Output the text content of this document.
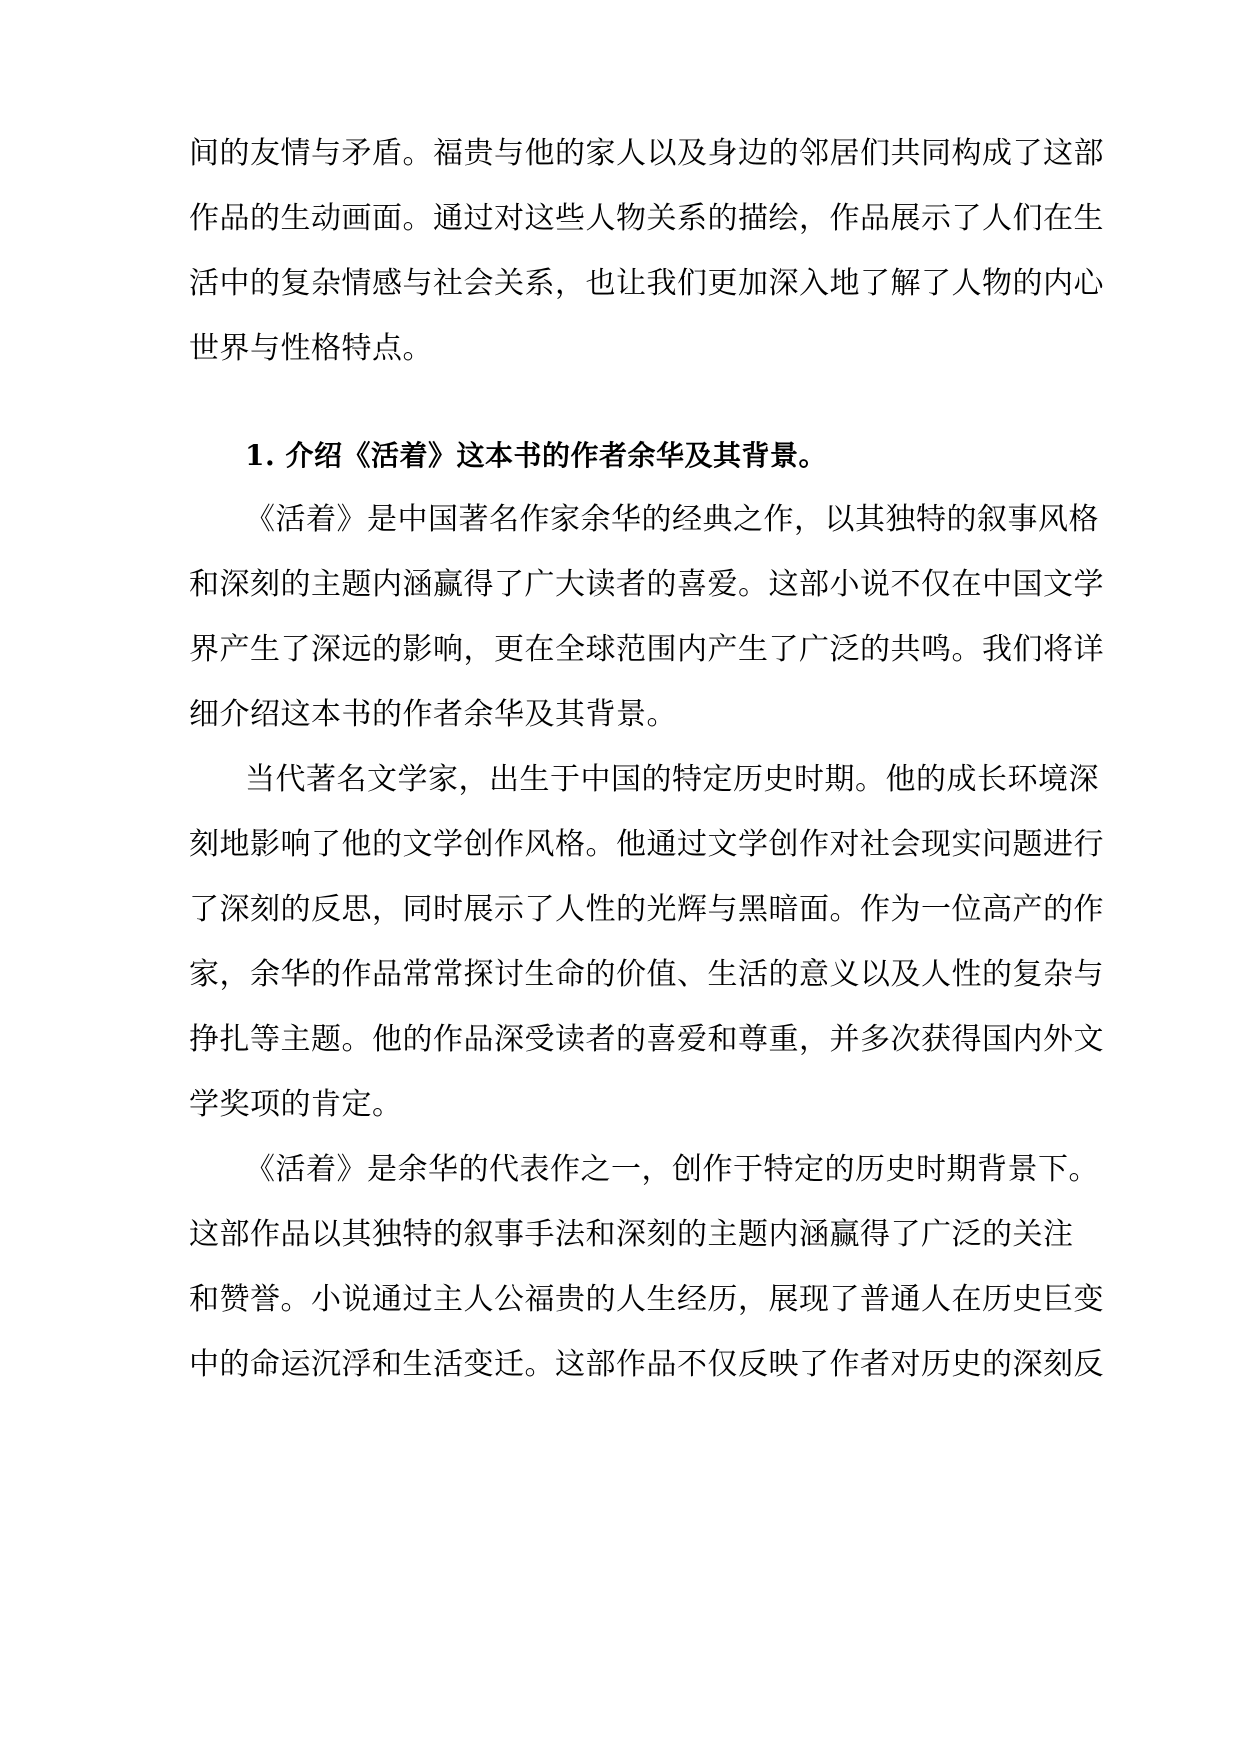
间的友情与矛盾。福贵与他的家人以及身边的邻居们共同构成了这部
作品的生动画面。通过对这些人物关系的描绘，作品展示了人们在生
活中的复杂情感与社会关系，也让我们更加深入地了解了人物的内心
世界与性格特点。
1. 介绍《活着》这本书的作者余华及其背景。
《活着》是中国著名作家余华的经典之作，以其独特的叙事风格
和深刻的主题内涵赢得了广大读者的喜爱。这部小说不仅在中国文学
界产生了深远的影响，更在全球范围内产生了广泛的共鸣。我们将详
细介绍这本书的作者余华及其背景。
当代著名文学家，出生于中国的特定历史时期。他的成长环境深
刻地影响了他的文学创作风格。他通过文学创作对社会现实问题进行
了深刻的反思，同时展示了人性的光辉与黑暗面。作为一位高产的作
家，余华的作品常常探讨生命的价值、生活的意义以及人性的复杂与
挣扎等主题。他的作品深受读者的喜爱和尊重，并多次获得国内外文
学奖项的肯定。
《活着》是余华的代表作之一，创作于特定的历史时期背景下。
这部作品以其独特的叙事手法和深刻的主题内涵赢得了广泛的关注
和赞誉。小说通过主人公福贵的人生经历，展现了普通人在历史巨变
中的命运沉浮和生活变迁。这部作品不仅反映了作者对历史的深刻反
